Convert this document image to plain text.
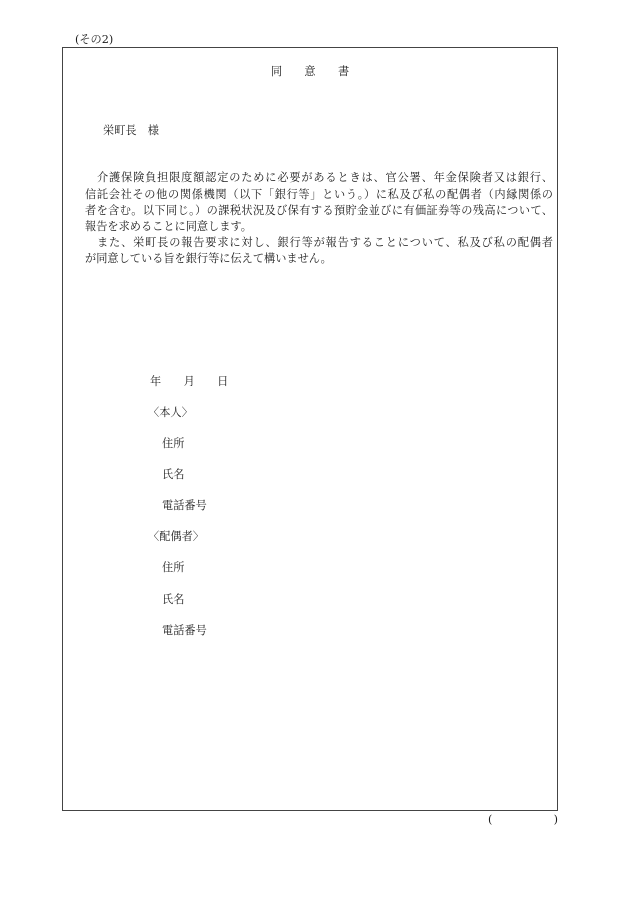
(その2)
同　　意　　書
栄町長　様
介護保険負担限度額認定のために必要があるときは、官公署、年金保険者又は銀行、
信託会社その他の関係機関（以下「銀行等」という。）に私及び私の配偶者（内縁関係の
者を含む。以下同じ。）の課税状況及び保有する預貯金並びに有価証券等の残高について、
報告を求めることに同意します。
また、栄町長の報告要求に対し、銀行等が報告することについて、私及び私の配偶者
が同意している旨を銀行等に伝えて構いません。
年　　月　　日
〈本人〉
住所
氏名
電話番号
〈配偶者〉
住所
氏名
電話番号
(	)
